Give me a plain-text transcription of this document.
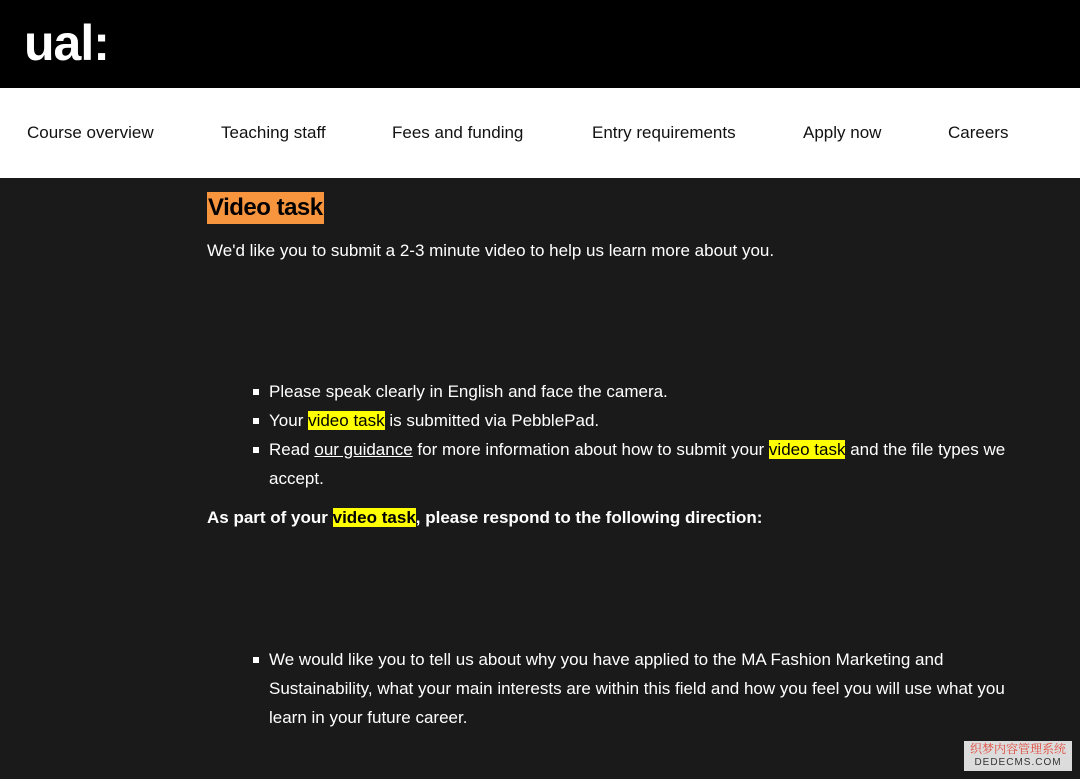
ual:
Course overview	Teaching staff	Fees and funding	Entry requirements	Apply now	Careers
Video task

We'd like you to submit a 2-3 minute video to help us learn more about you.

Please speak clearly in English and face the camera.
Your video task is submitted via PebblePad.
Read our guidance for more information about how to submit your video task and the file types we accept.

As part of your video task, please respond to the following direction:

We would like you to tell us about why you have applied to the MA Fashion Marketing and Sustainability, what your main interests are within this field and how you feel you will use what you learn in your future career.
织梦内容管理系统
DEDECMS.COM
